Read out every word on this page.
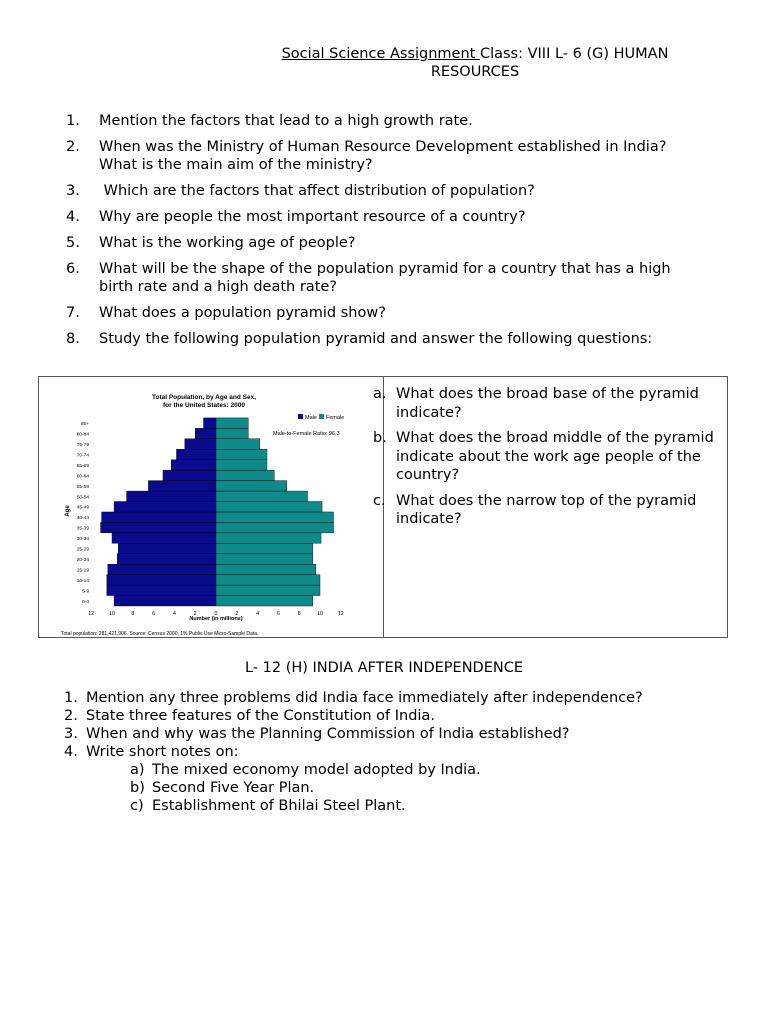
Social Science Assignment Class: VIII L- 6 (G) HUMAN
RESOURCES
1. Mention the factors that lead to a high growth rate.
2. When was the Ministry of Human Resource Development established in India?
What is the main aim of the ministry?
3. Which are the factors that affect distribution of population?
4. Why are people the most important resource of a country?
5. What is the working age of people?
6. What will be the shape of the population pyramid for a country that has a high
birth rate and a high death rate?
7. What does a population pyramid show?
8. Study the following population pyramid and answer the following questions:
Total Population, by Age and Sex,
for the United States: 2000
Male Female
Male-to-Female Ratio: 96.3
Age
Number (in millions)
Total population: 281,421,906. Source: Census 2000, 1% Public Use Micro-Sample Data.
0-4
5-9
10-14
15-19
20-24
25-29
30-34
35-39
40-44
45-49
50-54
55-59
60-64
65-69
70-74
75-79
80-84
85+
12	10	8	6	4	2	0	2	4	6	8	10	12
a. What does the broad base of the pyramid indicate?
b. What does the broad middle of the pyramid indicate about the work age people of the country?
c. What does the narrow top of the pyramid indicate?
L- 12 (H) INDIA AFTER INDEPENDENCE
1. Mention any three problems did India face immediately after independence?
2. State three features of the Constitution of India.
3. When and why was the Planning Commission of India established?
4. Write short notes on:
a) The mixed economy model adopted by India.
b) Second Five Year Plan.
c) Establishment of Bhilai Steel Plant.
